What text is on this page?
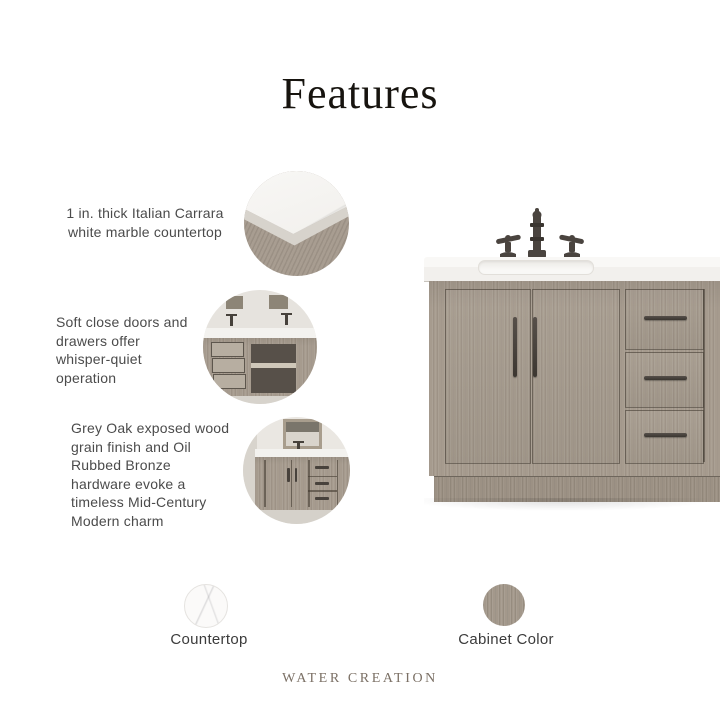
Features
1 in. thick Italian Carrara
white marble countertop
Soft close doors and
drawers offer
whisper-quiet
operation
Grey Oak exposed wood
grain finish and Oil
Rubbed Bronze
hardware evoke a
timeless Mid-Century
Modern charm
Countertop	Cabinet Color
WATER CREATION
